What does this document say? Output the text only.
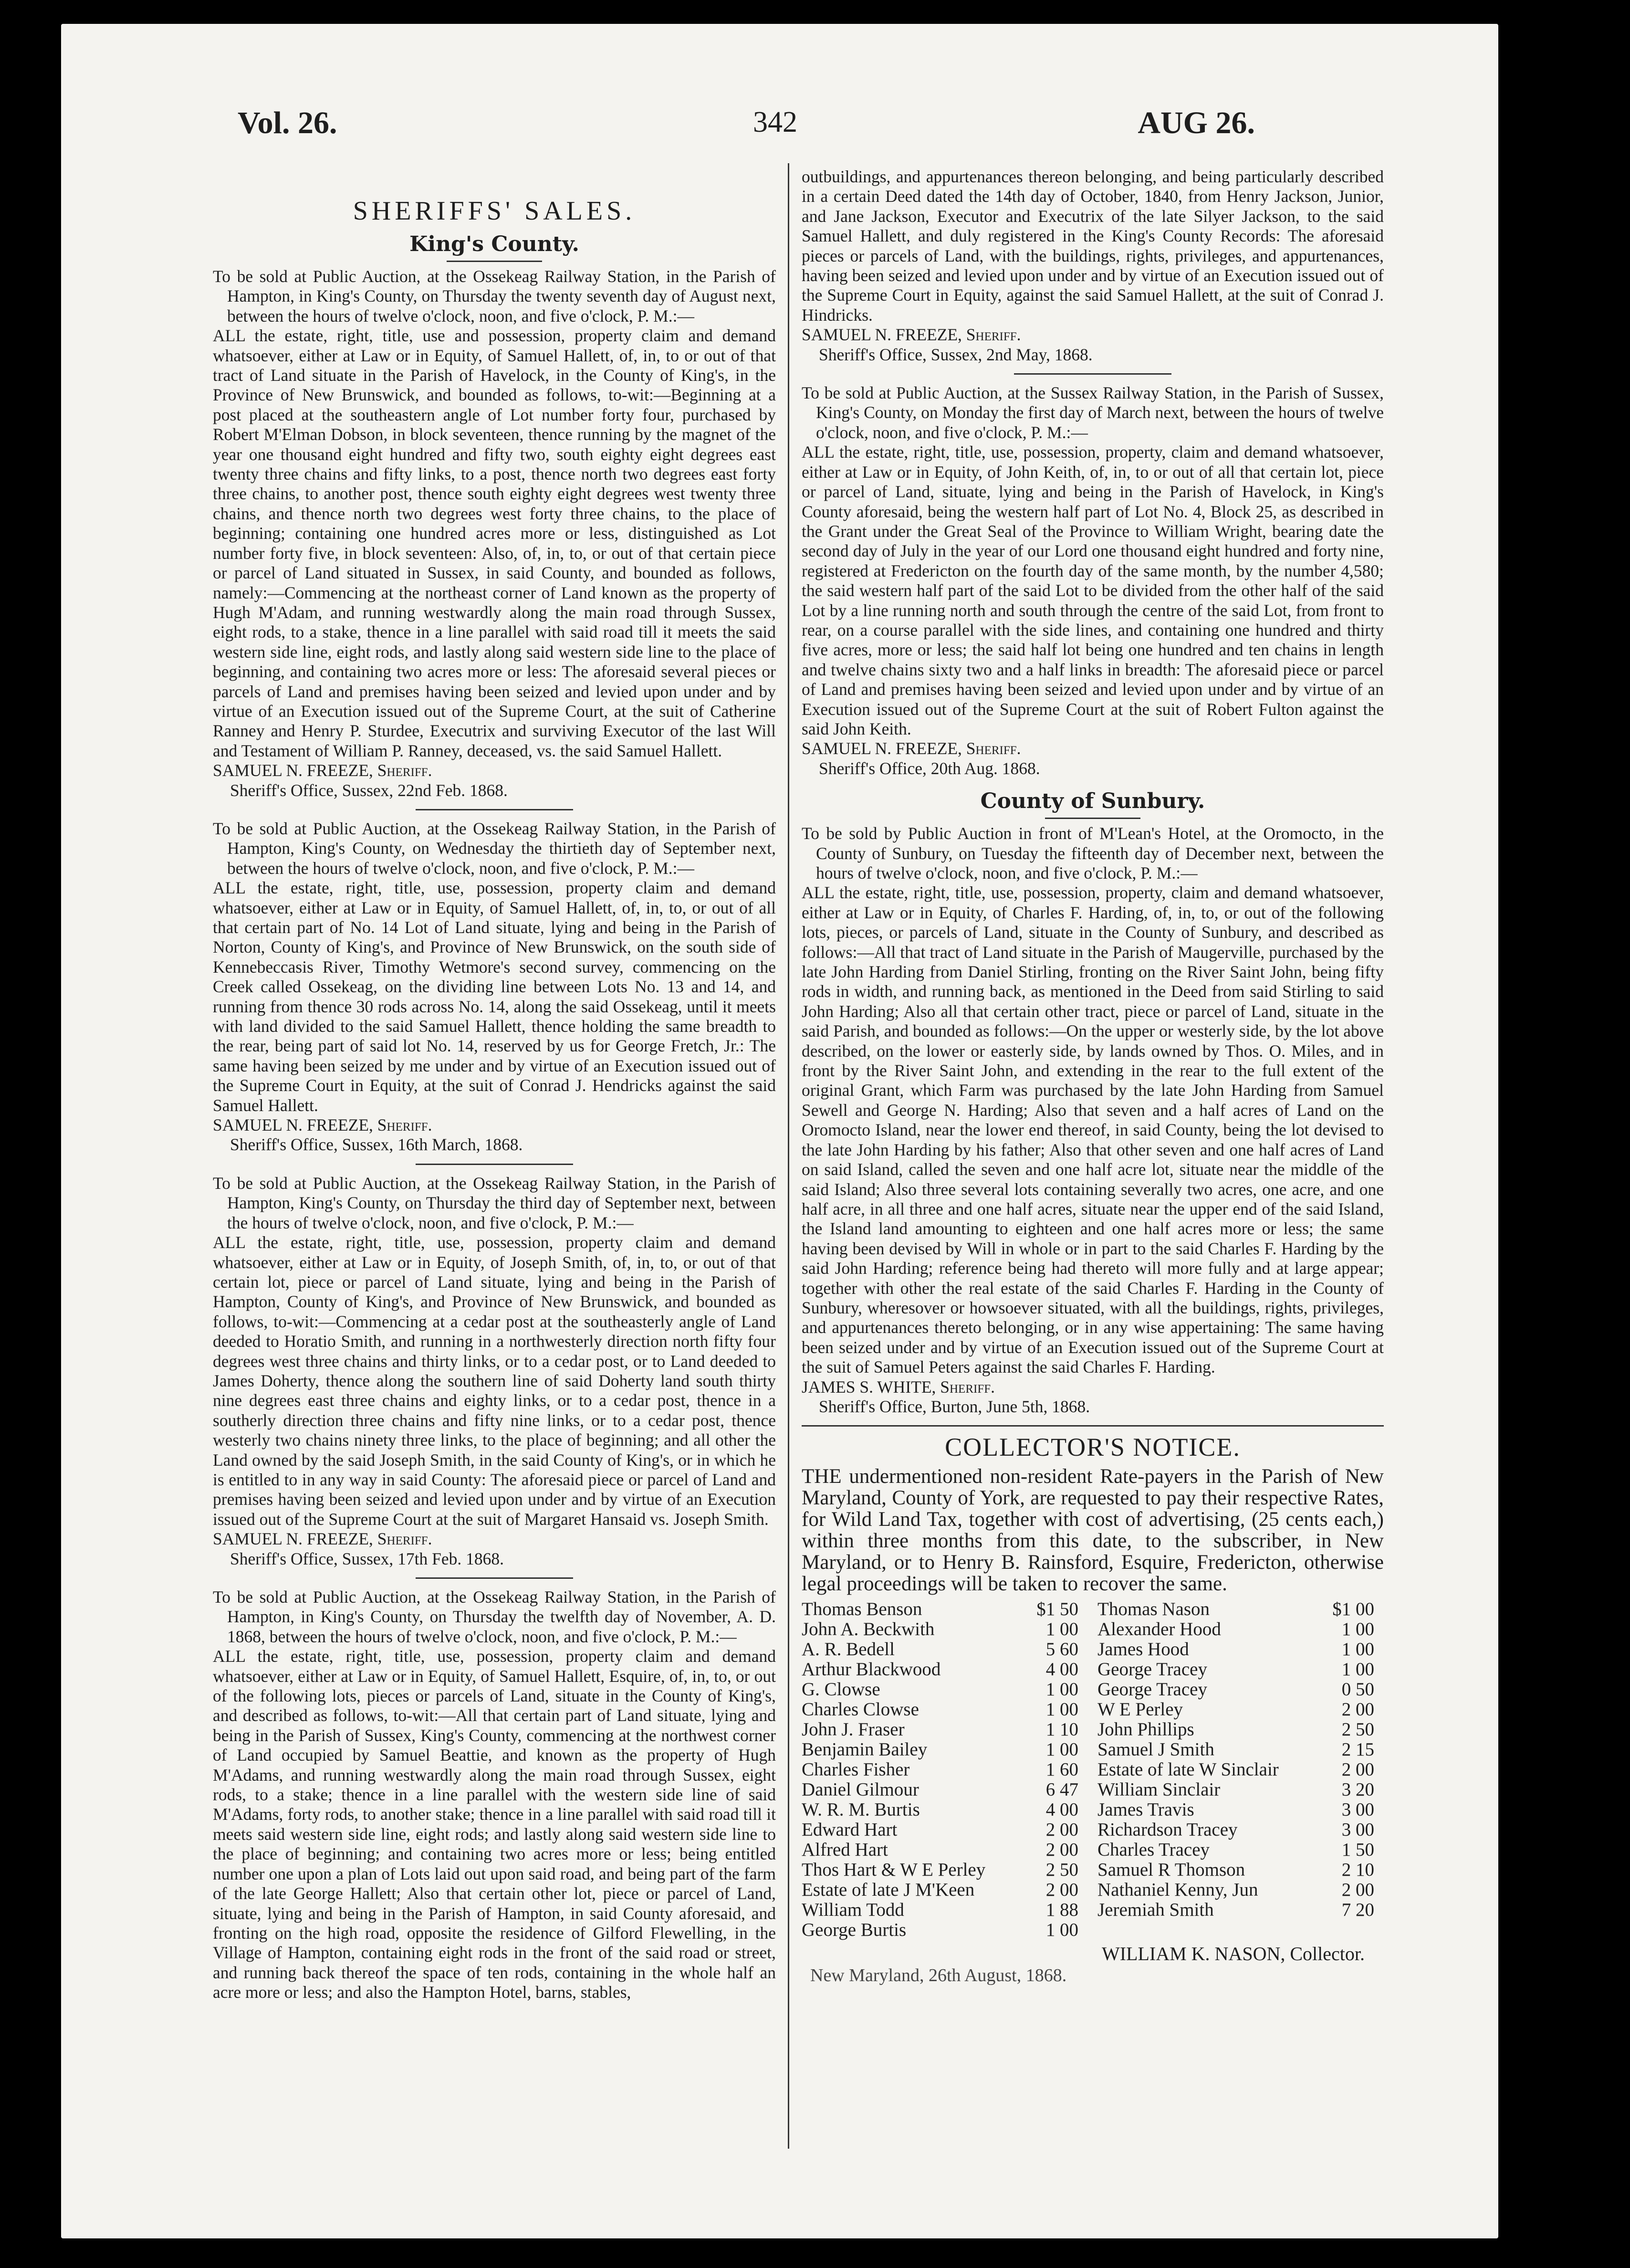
Vol. 26.	342	AUG 26.
SHERIFFS' SALES.
King's County.

To be sold at Public Auction, at the Ossekeag Railway Station, in the Parish of Hampton, in King's County, on Thursday the twenty seventh day of August next, between the hours of twelve o'clock, noon, and five o'clock, P. M.:—

ALL the estate, right, title, use and possession, property claim and demand whatsoever, either at Law or in Equity, of Samuel Hallett, of, in, to or out of that tract of Land situate in the Parish of Havelock, in the County of King's, in the Province of New Brunswick, and bounded as follows, to-wit:—Beginning at a post placed at the southeastern angle of Lot number forty four, purchased by Robert M'Elman Dobson, in block seventeen, thence running by the magnet of the year one thousand eight hundred and fifty two, south eighty eight degrees east twenty three chains and fifty links, to a post, thence north two degrees east forty three chains, to another post, thence south eighty eight degrees west twenty three chains, and thence north two degrees west forty three chains, to the place of beginning; containing one hundred acres more or less, distinguished as Lot number forty five, in block seventeen: Also, of, in, to, or out of that certain piece or parcel of Land situated in Sussex, in said County, and bounded as follows, namely:—Commencing at the northeast corner of Land known as the property of Hugh M'Adam, and running westwardly along the main road through Sussex, eight rods, to a stake, thence in a line parallel with said road till it meets the said western side line, eight rods, and lastly along said western side line to the place of beginning, and containing two acres more or less: The aforesaid several pieces or parcels of Land and premises having been seized and levied upon under and by virtue of an Execution issued out of the Supreme Court, at the suit of Catherine Ranney and Henry P. Sturdee, Executrix and surviving Executor of the last Will and Testament of William P. Ranney, deceased, vs. the said Samuel Hallett.

SAMUEL N. FREEZE, Sheriff.

Sheriff's Office, Sussex, 22nd Feb. 1868.

To be sold at Public Auction, at the Ossekeag Railway Station, in the Parish of Hampton, King's County, on Wednesday the thirtieth day of September next, between the hours of twelve o'clock, noon, and five o'clock, P. M.:—

ALL the estate, right, title, use, possession, property claim and demand whatsoever, either at Law or in Equity, of Samuel Hallett, of, in, to, or out of all that certain part of No. 14 Lot of Land situate, lying and being in the Parish of Norton, County of King's, and Province of New Brunswick, on the south side of Kennebeccasis River, Timothy Wetmore's second survey, commencing on the Creek called Ossekeag, on the dividing line between Lots No. 13 and 14, and running from thence 30 rods across No. 14, along the said Ossekeag, until it meets with land divided to the said Samuel Hallett, thence holding the same breadth to the rear, being part of said lot No. 14, reserved by us for George Fretch, Jr.: The same having been seized by me under and by virtue of an Execution issued out of the Supreme Court in Equity, at the suit of Conrad J. Hendricks against the said Samuel Hallett.

SAMUEL N. FREEZE, Sheriff.

Sheriff's Office, Sussex, 16th March, 1868.

To be sold at Public Auction, at the Ossekeag Railway Station, in the Parish of Hampton, King's County, on Thursday the third day of September next, between the hours of twelve o'clock, noon, and five o'clock, P. M.:—

ALL the estate, right, title, use, possession, property claim and demand whatsoever, either at Law or in Equity, of Joseph Smith, of, in, to, or out of that certain lot, piece or parcel of Land situate, lying and being in the Parish of Hampton, County of King's, and Province of New Brunswick, and bounded as follows, to-wit:—Commencing at a cedar post at the southeasterly angle of Land deeded to Horatio Smith, and running in a northwesterly direction north fifty four degrees west three chains and thirty links, or to a cedar post, or to Land deeded to James Doherty, thence along the southern line of said Doherty land south thirty nine degrees east three chains and eighty links, or to a cedar post, thence in a southerly direction three chains and fifty nine links, or to a cedar post, thence westerly two chains ninety three links, to the place of beginning; and all other the Land owned by the said Joseph Smith, in the said County of King's, or in which he is entitled to in any way in said County: The aforesaid piece or parcel of Land and premises having been seized and levied upon under and by virtue of an Execution issued out of the Supreme Court at the suit of Margaret Hansaid vs. Joseph Smith.

SAMUEL N. FREEZE, Sheriff.

Sheriff's Office, Sussex, 17th Feb. 1868.

To be sold at Public Auction, at the Ossekeag Railway Station, in the Parish of Hampton, in King's County, on Thursday the twelfth day of November, A. D. 1868, between the hours of twelve o'clock, noon, and five o'clock, P. M.:—

ALL the estate, right, title, use, possession, property claim and demand whatsoever, either at Law or in Equity, of Samuel Hallett, Esquire, of, in, to, or out of the following lots, pieces or parcels of Land, situate in the County of King's, and described as follows, to-wit:—All that certain part of Land situate, lying and being in the Parish of Sussex, King's County, commencing at the northwest corner of Land occupied by Samuel Beattie, and known as the property of Hugh M'Adams, and running westwardly along the main road through Sussex, eight rods, to a stake; thence in a line parallel with the western side line of said M'Adams, forty rods, to another stake; thence in a line parallel with said road till it meets said western side line, eight rods; and lastly along said western side line to the place of beginning; and containing two acres more or less; being entitled number one upon a plan of Lots laid out upon said road, and being part of the farm of the late George Hallett; Also that certain other lot, piece or parcel of Land, situate, lying and being in the Parish of Hampton, in said County aforesaid, and fronting on the high road, opposite the residence of Gilford Flewelling, in the Village of Hampton, containing eight rods in the front of the said road or street, and running back thereof the space of ten rods, containing in the whole half an acre more or less; and also the Hampton Hotel, barns, stables,

outbuildings, and appurtenances thereon belonging, and being particularly described in a certain Deed dated the 14th day of October, 1840, from Henry Jackson, Junior, and Jane Jackson, Executor and Executrix of the late Silyer Jackson, to the said Samuel Hallett, and duly registered in the King's County Records: The aforesaid pieces or parcels of Land, with the buildings, rights, privileges, and appurtenances, having been seized and levied upon under and by virtue of an Execution issued out of the Supreme Court in Equity, against the said Samuel Hallett, at the suit of Conrad J. Hindricks.

SAMUEL N. FREEZE, Sheriff.

Sheriff's Office, Sussex, 2nd May, 1868.

To be sold at Public Auction, at the Sussex Railway Station, in the Parish of Sussex, King's County, on Monday the first day of March next, between the hours of twelve o'clock, noon, and five o'clock, P. M.:—

ALL the estate, right, title, use, possession, property, claim and demand whatsoever, either at Law or in Equity, of John Keith, of, in, to or out of all that certain lot, piece or parcel of Land, situate, lying and being in the Parish of Havelock, in King's County aforesaid, being the western half part of Lot No. 4, Block 25, as described in the Grant under the Great Seal of the Province to William Wright, bearing date the second day of July in the year of our Lord one thousand eight hundred and forty nine, registered at Fredericton on the fourth day of the same month, by the number 4,580; the said western half part of the said Lot to be divided from the other half of the said Lot by a line running north and south through the centre of the said Lot, from front to rear, on a course parallel with the side lines, and containing one hundred and thirty five acres, more or less; the said half lot being one hundred and ten chains in length and twelve chains sixty two and a half links in breadth: The aforesaid piece or parcel of Land and premises having been seized and levied upon under and by virtue of an Execution issued out of the Supreme Court at the suit of Robert Fulton against the said John Keith.

SAMUEL N. FREEZE, Sheriff.

Sheriff's Office, 20th Aug. 1868.

County of Sunbury.

To be sold by Public Auction in front of M'Lean's Hotel, at the Oromocto, in the County of Sunbury, on Tuesday the fifteenth day of December next, between the hours of twelve o'clock, noon, and five o'clock, P. M.:—

ALL the estate, right, title, use, possession, property, claim and demand whatsoever, either at Law or in Equity, of Charles F. Harding, of, in, to, or out of the following lots, pieces, or parcels of Land, situate in the County of Sunbury, and described as follows:—All that tract of Land situate in the Parish of Maugerville, purchased by the late John Harding from Daniel Stirling, fronting on the River Saint John, being fifty rods in width, and running back, as mentioned in the Deed from said Stirling to said John Harding; Also all that certain other tract, piece or parcel of Land, situate in the said Parish, and bounded as follows:—On the upper or westerly side, by the lot above described, on the lower or easterly side, by lands owned by Thos. O. Miles, and in front by the River Saint John, and extending in the rear to the full extent of the original Grant, which Farm was purchased by the late John Harding from Samuel Sewell and George N. Harding; Also that seven and a half acres of Land on the Oromocto Island, near the lower end thereof, in said County, being the lot devised to the late John Harding by his father; Also that other seven and one half acres of Land on said Island, called the seven and one half acre lot, situate near the middle of the said Island; Also three several lots containing severally two acres, one acre, and one half acre, in all three and one half acres, situate near the upper end of the said Island, the Island land amounting to eighteen and one half acres more or less; the same having been devised by Will in whole or in part to the said Charles F. Harding by the said John Harding; reference being had thereto will more fully and at large appear; together with other the real estate of the said Charles F. Harding in the County of Sunbury, wheresover or howsoever situated, with all the buildings, rights, privileges, and appurtenances thereto belonging, or in any wise appertaining: The same having been seized under and by virtue of an Execution issued out of the Supreme Court at the suit of Samuel Peters against the said Charles F. Harding.

JAMES S. WHITE, Sheriff.

Sheriff's Office, Burton, June 5th, 1868.

COLLECTOR'S NOTICE.

THE undermentioned non-resident Rate-payers in the Parish of New Maryland, County of York, are requested to pay their respective Rates, for Wild Land Tax, together with cost of advertising, (25 cents each,) within three months from this date, to the subscriber, in New Maryland, or to Henry B. Rainsford, Esquire, Fredericton, otherwise legal proceedings will be taken to recover the same.

Thomas Benson	$1 50
John A. Beckwith	1 00
A. R. Bedell	5 60
Arthur Blackwood	4 00
G. Clowse	1 00
Charles Clowse	1 00
John J. Fraser	1 10
Benjamin Bailey	1 00
Charles Fisher	1 60
Daniel Gilmour	6 47
W. R. M. Burtis	4 00
Edward Hart	2 00
Alfred Hart	2 00
Thos Hart & W E Perley	2 50
Estate of late J M'Keen	2 00
William Todd	1 88
George Burtis	1 00
Thomas Nason	$1 00
Alexander Hood	1 00
James Hood	1 00
George Tracey	1 00
George Tracey	0 50
W E Perley	2 00
John Phillips	2 50
Samuel J Smith	2 15
Estate of late W Sinclair	2 00
William Sinclair	3 20
James Travis	3 00
Richardson Tracey	3 00
Charles Tracey	1 50
Samuel R Thomson	2 10
Nathaniel Kenny, Jun	2 00
Jeremiah Smith	7 20
WILLIAM K. NASON, Collector.
New Maryland, 26th August, 1868.
